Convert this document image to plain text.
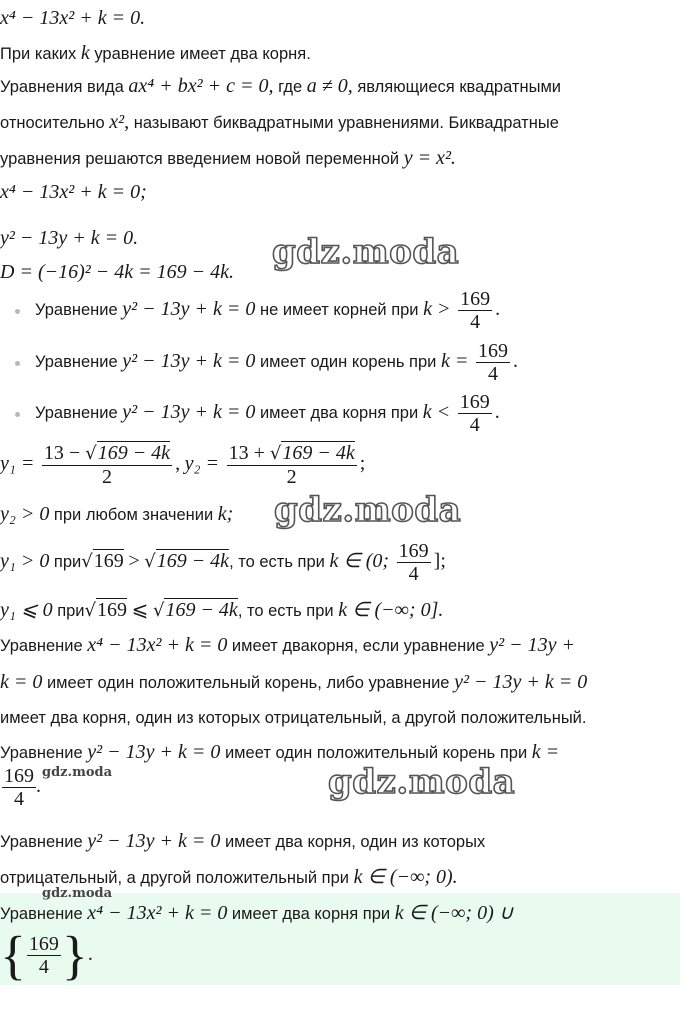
x⁴ − 13x² + k = 0.
При каких k уравнение имеет два корня.
Уравнения вида ax⁴ + bx² + c = 0, где a ≠ 0, являющиеся квадратными
относительно x², называют биквадратными уравнениями. Биквадратные
уравнения решаются введением новой переменной y = x².
x⁴ − 13x² + k = 0;
y² − 13y + k = 0.
D = (−16)² − 4k = 169 − 4k. gdz.moda
Уравнение y² − 13y + k = 0 не имеет корней при $k > \frac{169}{4}$ .
Уравнение y² − 13y + k = 0 имеет один корень при $k = \frac{169}{4}$ .
Уравнение y² − 13y + k = 0 имеет два корня при $k < \frac{169}{4}$ .
$y_1 = \frac{13 - √169 - 4k}{2}$ , $y_2 = \frac{13 + √169 - 4k}{2}$ ;
y₂ > 0 при любом значении k; gdz.moda
y₁ > 0 при√169 > √169 − 4k, то есть при k ∈ (0; $\frac{169}{4}$ ];
y₁ ⩽ 0 при√169 ⩽ √169 − 4k, то есть при k ∈ (−∞; 0].
Уравнение x⁴ − 13x² + k = 0 имеет двакорня, если уравнение y² − 13y +
k = 0 имеет один положительный корень, либо уравнение y² − 13y + k = 0
имеет два корня, один из которых отрицательный, а другой положительный.
Уравнение y² − 13y + k = 0 имеет один положительный корень при k =
$\frac{169}{4}$ .
gdz.moda	gdz.moda
Уравнение y² − 13y + k = 0 имеет два корня, один из которых
отрицательный, а другой положительный при k ∈ (−∞; 0).
gdz.moda
Уравнение x⁴ − 13x² + k = 0 имеет два корня при k ∈ (−∞; 0) ∪
{ $\frac{169}{4}$ }.
